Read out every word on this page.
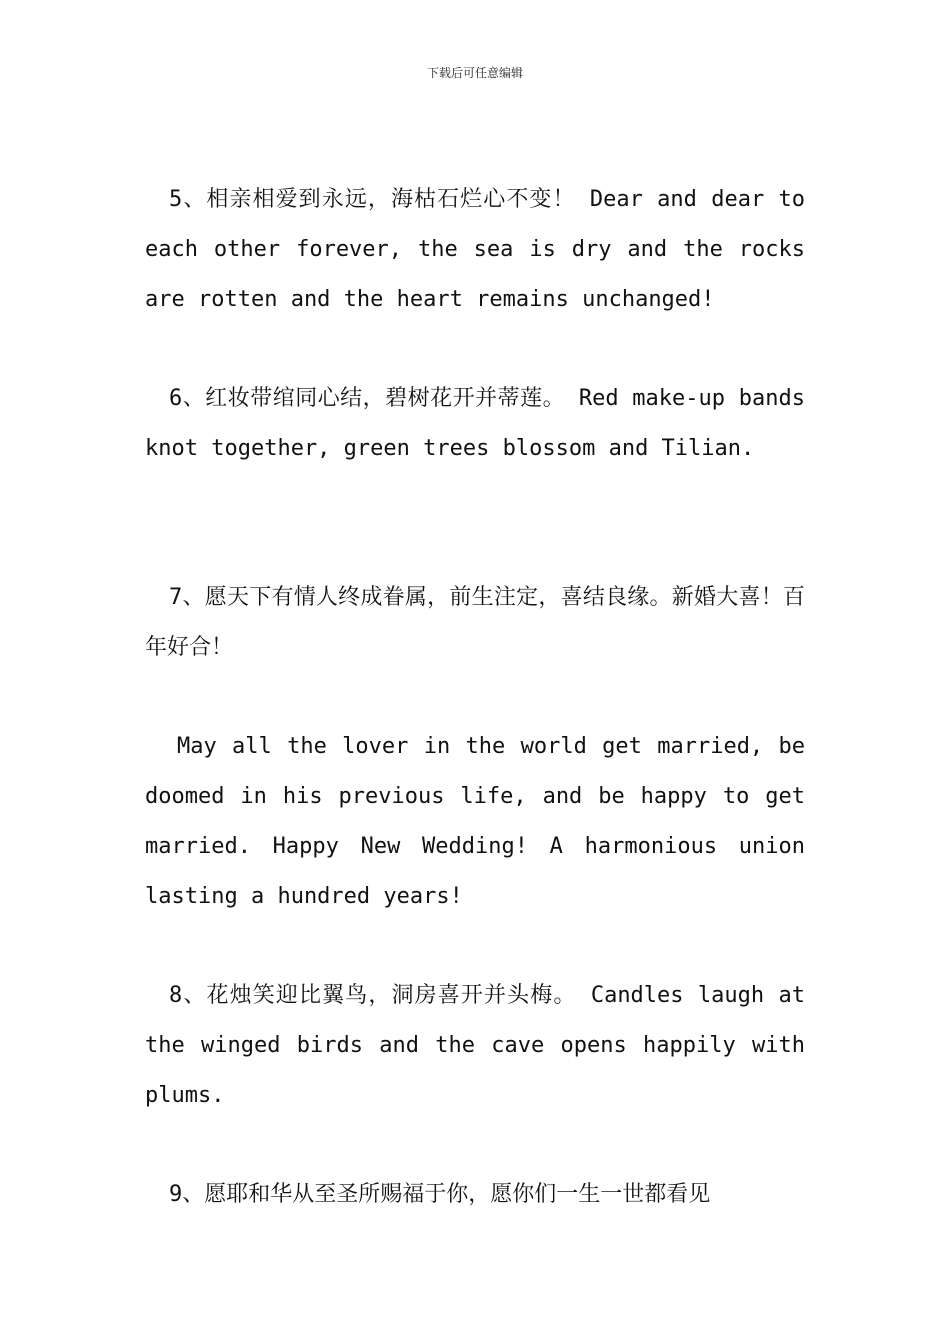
下载后可任意编辑

5、相亲相爱到永远，海枯石烂心不变！ Dear and dear to each other forever, the sea is dry and the rocks are rotten and the heart remains unchanged!

6、红妆带绾同心结，碧树花开并蒂莲。 Red make-up bands knot together, green trees blossom and Tilian.

7、愿天下有情人终成眷属，前生注定，喜结良缘。新婚大喜！百年好合！

May all the lover in the world get married, be doomed in his previous life, and be happy to get married. Happy New Wedding! A harmonious union lasting a hundred years!

8、花烛笑迎比翼鸟，洞房喜开并头梅。 Candles laugh at the winged birds and the cave opens happily with plums.

9、愿耶和华从至圣所赐福于你，愿你们一生一世都看见
